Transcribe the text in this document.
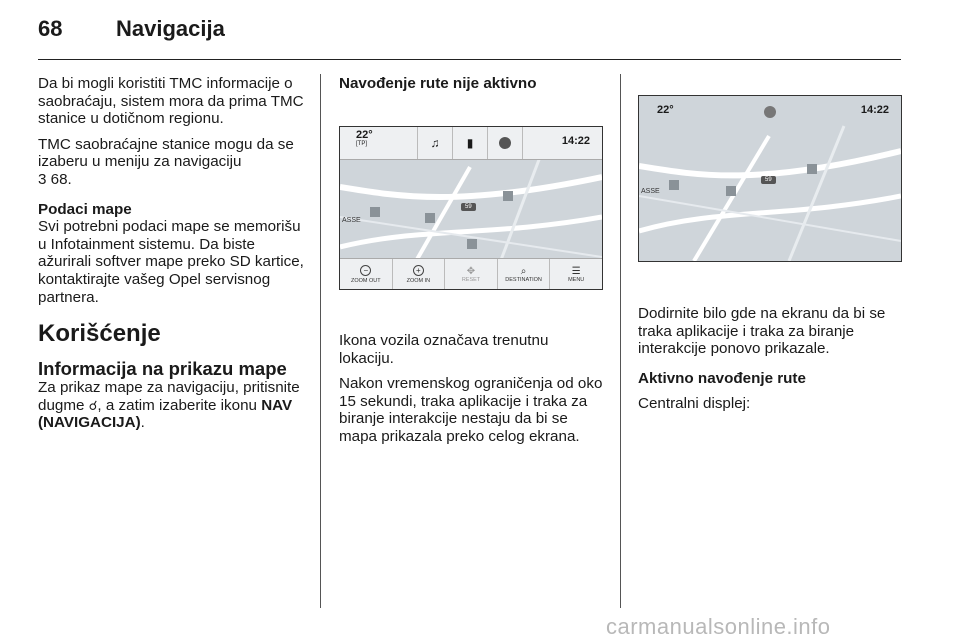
68 Navigacija

Da bi mogli koristiti TMC informacije o saobraćaju, sistem mora da prima TMC stanice u dotičnom regionu.

TMC saobraćajne stanice mogu da se izaberu u meniju za navigaciju
3 68.

Podaci mape

Svi potrebni podaci mape se memorišu u Infotainment sistemu. Da biste ažurirali softver mape preko SD kartice, kontaktirajte vašeg Opel servisnog partnera.

Korišćenje
Informacija na prikazu mape

Za prikaz mape za navigaciju, pritisnite dugme ☌, a zatim izaberite ikonu NAV (NAVIGACIJA).

Navođenje rute nije aktivno

22°
[TP]	♫	▮	14:22
59
ASSE
−
ZOOM OUT
+
ZOOM IN
✥
RESET
⌕
DESTINATION
☰
MENU

Ikona vozila označava trenutnu lokaciju.

Nakon vremenskog ograničenja od oko 15 sekundi, traka aplikacije i traka za biranje interakcije nestaju da bi se mapa prikazala preko celog ekrana.

22°	14:22
59
ASSE

Dodirnite bilo gde na ekranu da bi se traka aplikacije i traka za biranje interakcije ponovo prikazale.

Aktivno navođenje rute

Centralni displej:

carmanualsonline.info
